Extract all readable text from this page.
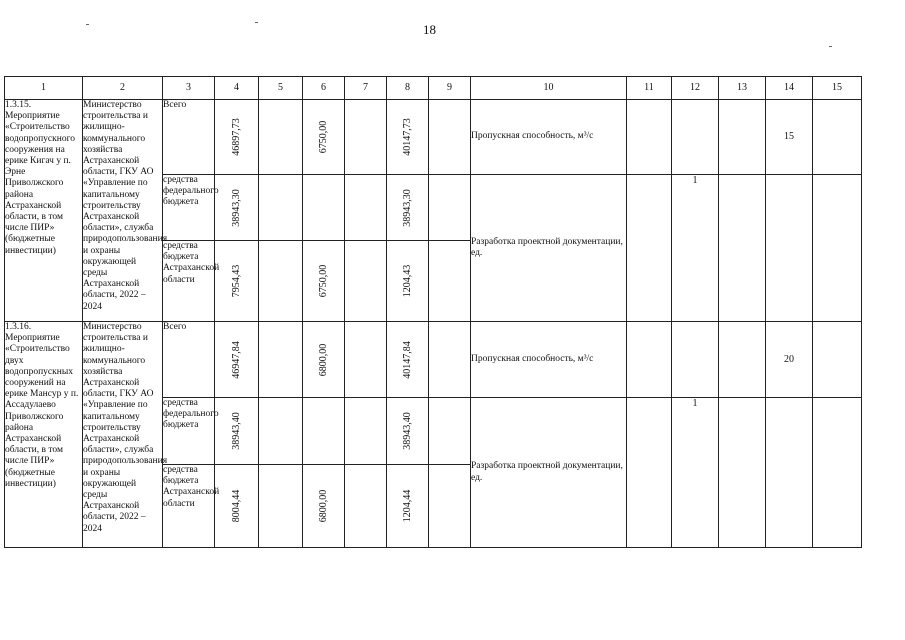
18
1	2	3	4	5	6	7	8	9	10	11	12	13	14	15
1.3.15. Мероприятие «Строительство водопропускного сооружения на ерике Кигач у п. Эрне Приволжского района Астраханской области, в том числе ПИР» (бюджетные инвестиции)	Министерство строительства и жилищно-коммунального хозяйства Астраханской области, ГКУ АО «Управление по капитальному строительству Астраханской области», служба природопользования и охраны окружающей среды Астраханской области, 2022 – 2024	Всего	46897,73		6750,00		40147,73		Пропускная способность, м³/с				15	
		средства федерального бюджета	38943,30				38943,30		Разработка проектной документации, ед.		1			
		средства бюджета Астраханской области	7954,43		6750,00		1204,43							

1.3.16. Мероприятие «Строительство двух водопропускных сооружений на ерике Мансур у п. Ассадулаево Приволжского района Астраханской области, в том числе ПИР» (бюджетные инвестиции)	Министерство строительства и жилищно-коммунального хозяйства Астраханской области, ГКУ АО «Управление по капитальному строительству Астраханской области», служба природопользования и охраны окружающей среды Астраханской области, 2022 – 2024	Всего	46947,84		6800,00		40147,84		Пропускная способность, м³/с				20	
		средства федерального бюджета	38943,40				38943,40		Разработка проектной документации, ед.		1			
		средства бюджета Астраханской области	8004,44		6800,00		1204,44							
